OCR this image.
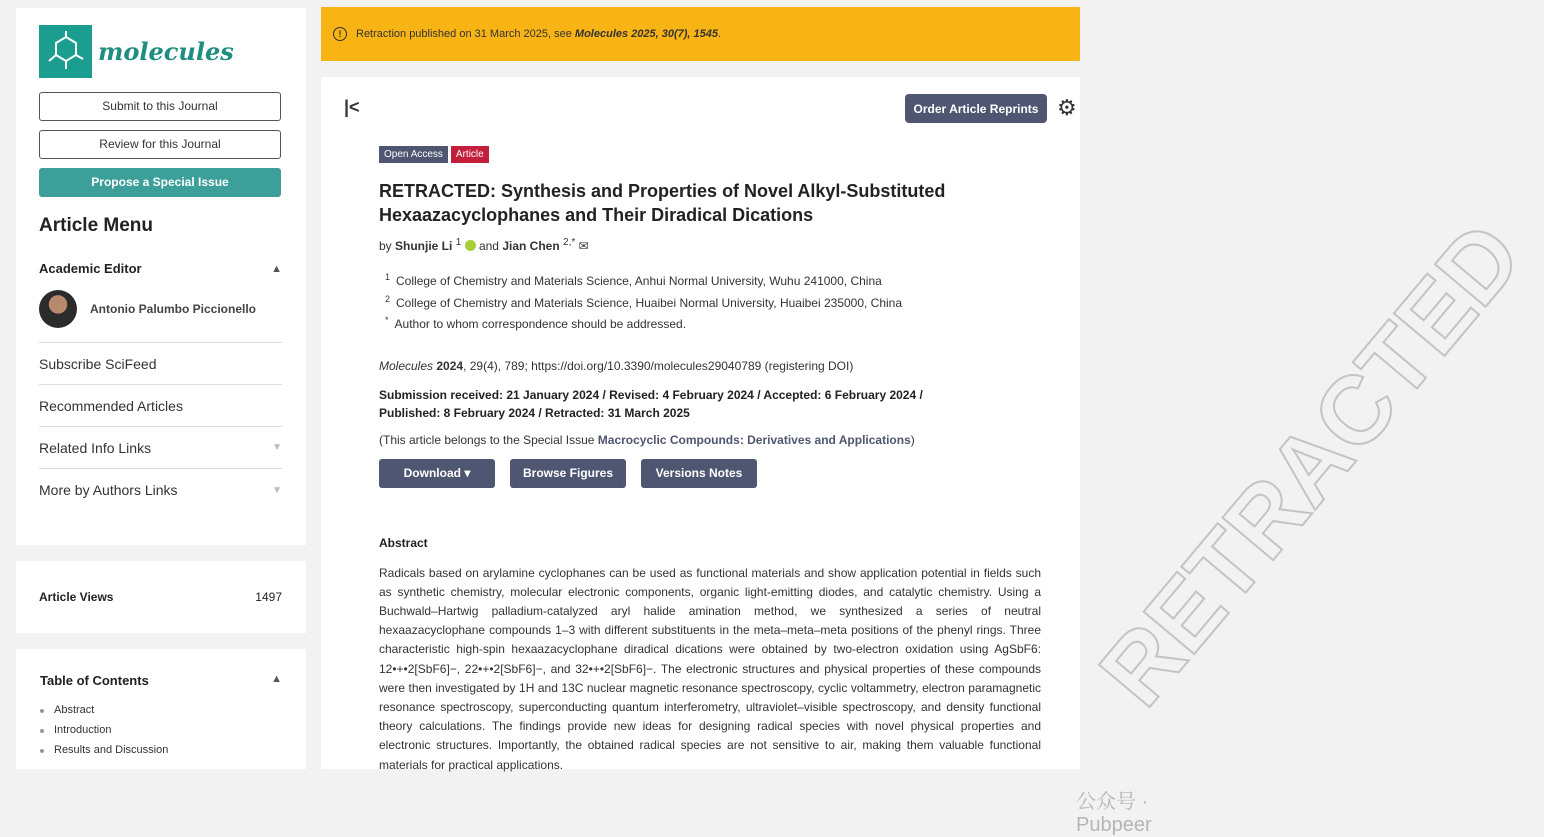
molecules
Submit to this Journal
Review for this Journal
Propose a Special Issue
Article Menu
Academic Editor	▲
Antonio Palumbo Piccionello
Subscribe SciFeed
Recommended Articles
Related Info Links	▼
More by Authors Links	▼
Article Views	1497
Table of Contents	▲
Abstract
Introduction
Results and Discussion
!	Retraction published on 31 March 2025, see Molecules 2025, 30(7), 1545.
|<	Order Article Reprints ⚙
Open Access	Article
RETRACTED: Synthesis and Properties of Novel Alkyl-Substituted Hexaazacyclophanes and Their Diradical Dications
by Shunjie Li $^1$  and Jian Chen $^{2,*}$ ✉
$^1$ College of Chemistry and Materials Science, Anhui Normal University, Wuhu 241000, China
$^2$ College of Chemistry and Materials Science, Huaibei Normal University, Huaibei 235000, China
* Author to whom correspondence should be addressed.
Molecules 2024, 29(4), 789; https://doi.org/10.3390/molecules29040789 (registering DOI)
Submission received: 21 January 2024 / Revised: 4 February 2024 / Accepted: 6 February 2024 /
Published: 8 February 2024 / Retracted: 31 March 2025
(This article belongs to the Special Issue Macrocyclic Compounds: Derivatives and Applications)
Download ▾	Browse Figures	Versions Notes
Abstract

Radicals based on arylamine cyclophanes can be used as functional materials and show application potential in fields such as synthetic chemistry, molecular electronic components, organic light-emitting diodes, and catalytic chemistry. Using a Buchwald–Hartwig palladium-catalyzed aryl halide amination method, we synthesized a series of neutral hexaazacyclophane compounds 1–3 with different substituents in the meta–meta–meta positions of the phenyl rings. Three characteristic high-spin hexaazacyclophane diradical dications were obtained by two-electron oxidation using AgSbF6: 12•+•2[SbF6]−, 22•+•2[SbF6]−, and 32•+•2[SbF6]−. The electronic structures and physical properties of these compounds were then investigated by 1H and 13C nuclear magnetic resonance spectroscopy, cyclic voltammetry, electron paramagnetic resonance spectroscopy, superconducting quantum interferometry, ultraviolet–visible spectroscopy, and density functional theory calculations. The findings provide new ideas for designing radical species with novel physical properties and electronic structures. Importantly, the obtained radical species are not sensitive to air, making them valuable functional materials for practical applications.

RETRACTED
公众号 · Pubpeer
